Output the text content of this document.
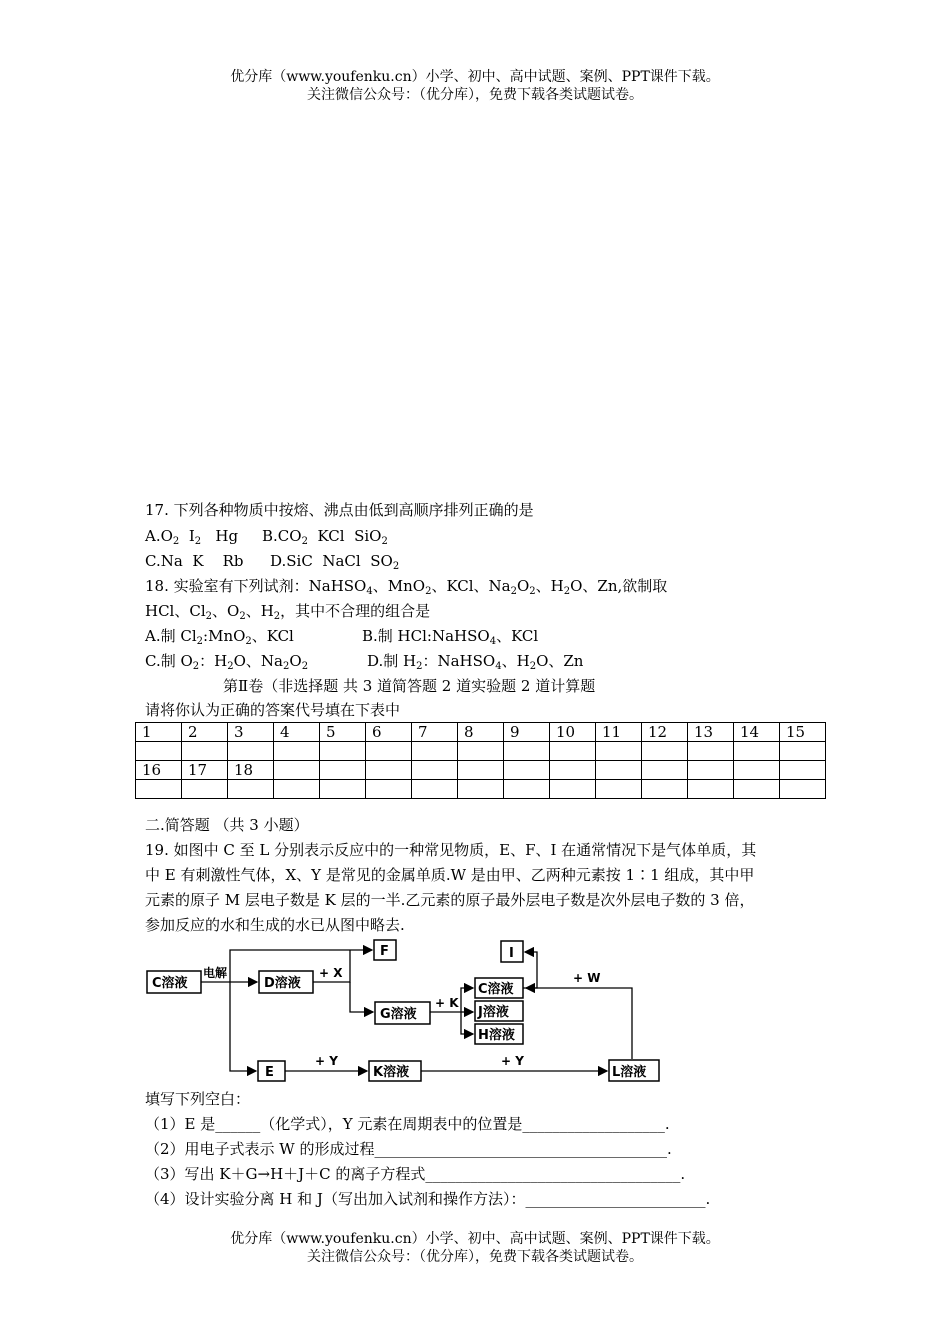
优分库（www.youfenku.cn）小学、初中、高中试题、案例、PPT课件下载。
关注微信公众号：（优分库），免费下载各类试题试卷。
17. 下列各种物质中按熔、沸点由低到高顺序排列正确的是
$A.O_2$  $I_2$   Hg $B.CO_2$  KCl  SiO$_2$
C.Na  K    Rb D.SiC  NaCl  $SO_2$
18. 实验室有下列试剂：NaHSO$_4$、MnO$_2$、KCl、$Na_2O_2$、$H_2O$、Zn,欲制取
HCl、$Cl_2$、$O_2$、$H_2$，其中不合理的组合是
A.制 $Cl_2:MnO_2$、KCl	B.制 HCl:NaHSO$_4$、KCl
C.制 $O_2$：$H_2O$、$Na_2O_2$	D.制 $H_2$：NaHSO$_4$、$H_2O$、Zn
第Ⅱ卷（非选择题 共 3 道简答题 2 道实验题 2 道计算题
请将你认为正确的答案代号填在下表中
1	2	3	4	5	6	7	8	9	10	11	12	13	14	15

16	17	18												

二.简答题 （共 3 小题）
19. 如图中 C 至 L 分别表示反应中的一种常见物质，E、F、I 在通常情况下是气体单质，其
中 E 有刺激性气体，X、Y 是常见的金属单质.W 是由甲、乙两种元素按 1∶1 组成，其中甲
元素的原子 M 层电子数是 K 层的一半.乙元素的原子最外层电子数是次外层电子数的 3 倍，
参加反应的水和生成的水已从图中略去.
C溶液	D溶液
F
G溶液
I
C溶液
J溶液
H溶液
E	K溶液	L溶液
电解	+ X
+ K
+ W
+ Y	+ Y
填写下列空白：
（1）E 是______（化学式），Y 元素在周期表中的位置是___________________.
（2）用电子式表示 W 的形成过程_______________________________________.
（3）写出 K＋G→H＋J＋C 的离子方程式__________________________________.
（4）设计实验分离 H 和 J（写出加入试剂和操作方法）：________________________.
优分库（www.youfenku.cn）小学、初中、高中试题、案例、PPT课件下载。
关注微信公众号：（优分库），免费下载各类试题试卷。
